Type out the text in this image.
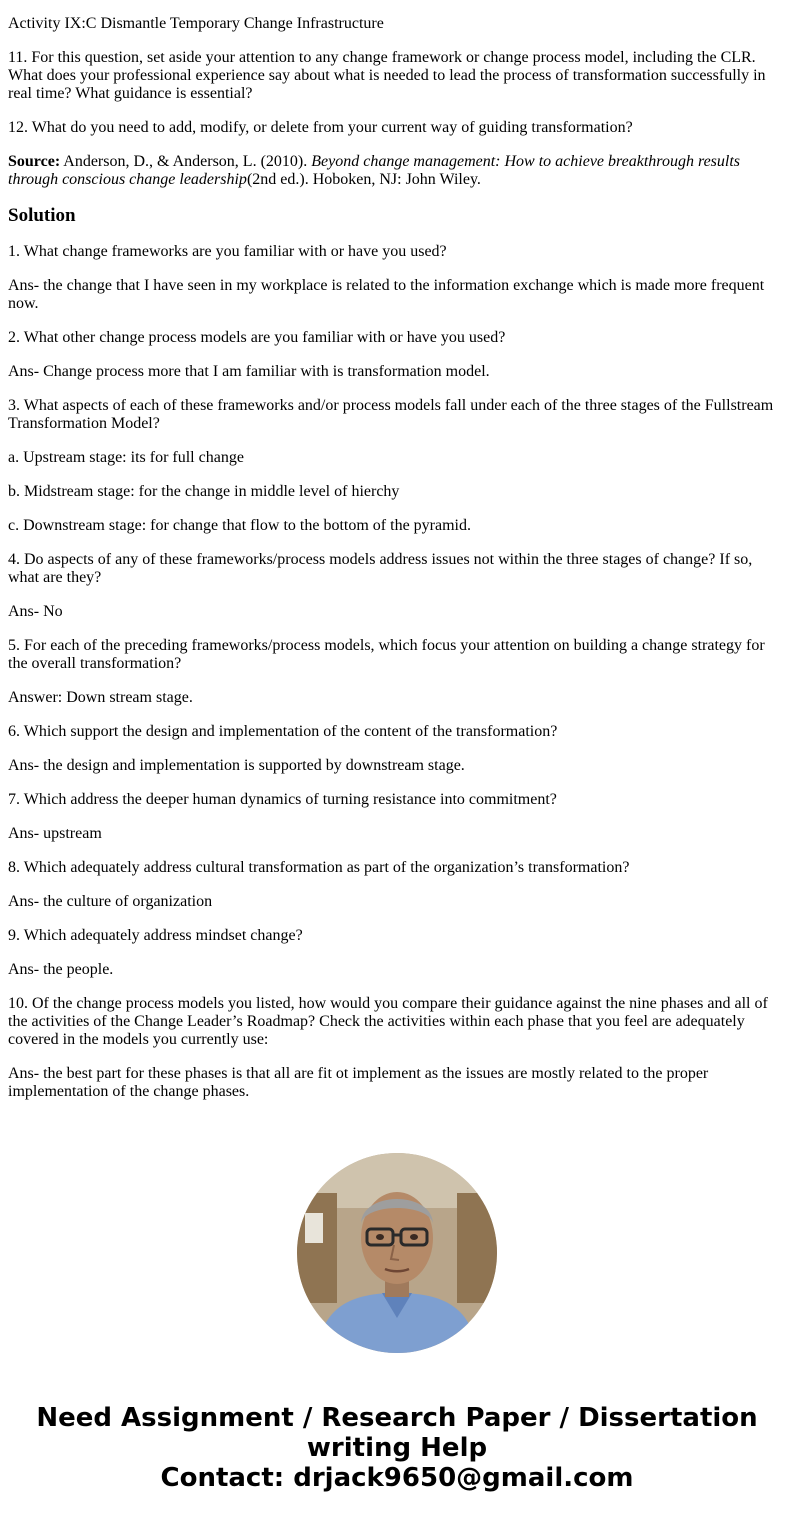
Activity IX:C Dismantle Temporary Change Infrastructure

11. For this question, set aside your attention to any change framework or change process model, including the CLR. What does your professional experience say about what is needed to lead the process of transformation successfully in real time? What guidance is essential?

12. What do you need to add, modify, or delete from your current way of guiding transformation?

Source: Anderson, D., & Anderson, L. (2010). Beyond change management: How to achieve breakthrough results through conscious change leadership(2nd ed.). Hoboken, NJ: John Wiley.

Solution

1. What change frameworks are you familiar with or have you used?

Ans- the change that I have seen in my workplace is related to the information exchange which is made more frequent now.

2. What other change process models are you familiar with or have you used?

Ans- Change process more that I am familiar with is transformation model.

3. What aspects of each of these frameworks and/or process models fall under each of the three stages of the Fullstream Transformation Model?

a. Upstream stage: its for full change

b. Midstream stage: for the change in middle level of hierchy

c. Downstream stage: for change that flow to the bottom of the pyramid.

4. Do aspects of any of these frameworks/process models address issues not within the three stages of change? If so, what are they?

Ans- No

5. For each of the preceding frameworks/process models, which focus your attention on building a change strategy for the overall transformation?

Answer: Down stream stage.

6. Which support the design and implementation of the content of the transformation?

Ans- the design and implementation is supported by downstream stage.

7. Which address the deeper human dynamics of turning resistance into commitment?

Ans- upstream

8. Which adequately address cultural transformation as part of the organization’s transformation?

Ans- the culture of organization

9. Which adequately address mindset change?

Ans- the people.

10. Of the change process models you listed, how would you compare their guidance against the nine phases and all of the activities of the Change Leader’s Roadmap? Check the activities within each phase that you feel are adequately covered in the models you currently use:

Ans- the best part for these phases is that all are fit ot implement as the issues are mostly related to the proper implementation of the change phases.

Need Assignment / Research Paper / Dissertation
writing Help
Contact: drjack9650@gmail.com
